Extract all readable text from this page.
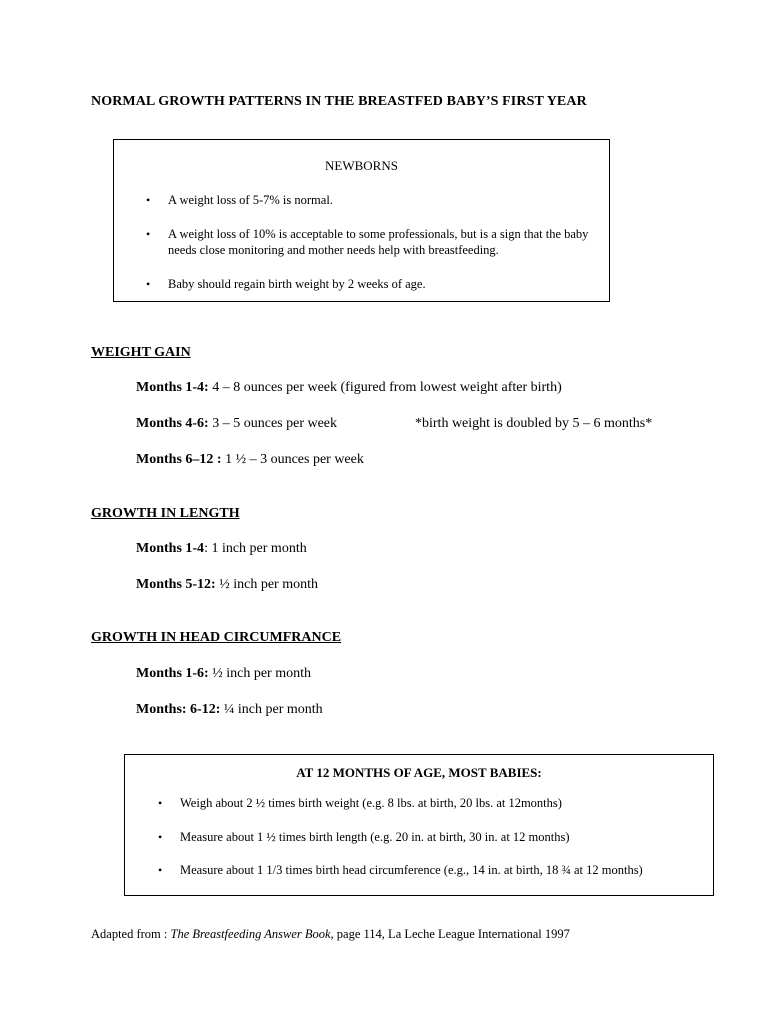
NORMAL GROWTH PATTERNS IN THE BREASTFED BABY’S FIRST YEAR
NEWBORNS
• A weight loss of 5-7% is normal.
• A weight loss of 10% is acceptable to some professionals, but is a sign that the baby needs close monitoring and mother needs help with breastfeeding.
• Baby should regain birth weight by 2 weeks of age.
WEIGHT GAIN
Months 1-4: 4 – 8 ounces per week (figured from lowest weight after birth)
Months 4-6: 3 – 5 ounces per week	*birth weight is doubled by 5 – 6 months*
Months 6–12 : 1 ½ – 3 ounces per week
GROWTH IN LENGTH
Months 1-4: 1 inch per month
Months 5-12: ½ inch per month
GROWTH IN HEAD CIRCUMFRANCE
Months 1-6: ½ inch per month
Months: 6-12: ¼ inch per month
AT 12 MONTHS OF AGE, MOST BABIES:
• Weigh about 2 ½ times birth weight (e.g. 8 lbs. at birth, 20 lbs. at 12months)
• Measure about 1 ½ times birth length (e.g. 20 in. at birth, 30 in. at 12 months)
• Measure about 1 1/3 times birth head circumference (e.g., 14 in. at birth, 18 ¾ at 12 months)
Adapted from : The Breastfeeding Answer Book, page 114, La Leche League International 1997
